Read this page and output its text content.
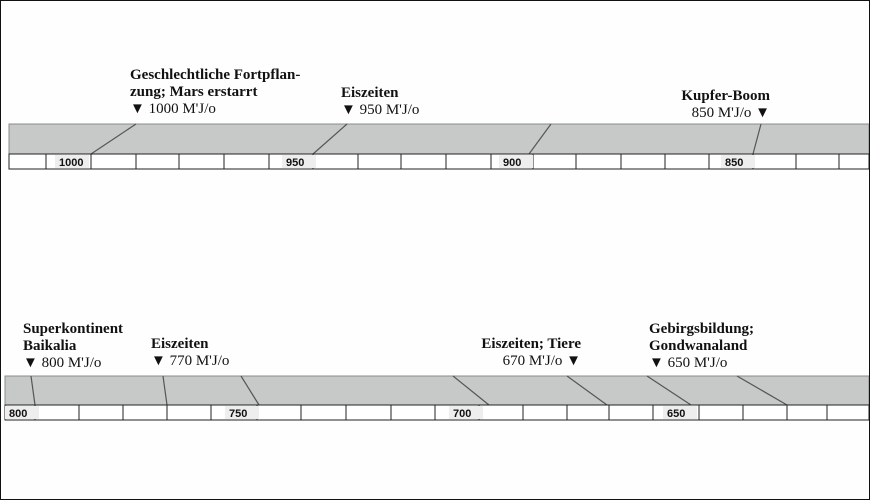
1000	950	900	850
Geschlechtliche Fortpflan-
zung; Mars erstarrt
▼ 1000 M'J/o
Eiszeiten
▼ 950 M'J/o
Kupfer-Boom
850 M'J/o ▼
800	750	700	650
Superkontinent
Baikalia
▼ 800 M'J/o
Eiszeiten
▼ 770 M'J/o
Eiszeiten; Tiere
670 M'J/o ▼
Gebirgsbildung;
Gondwanaland
▼ 650 M'J/o
